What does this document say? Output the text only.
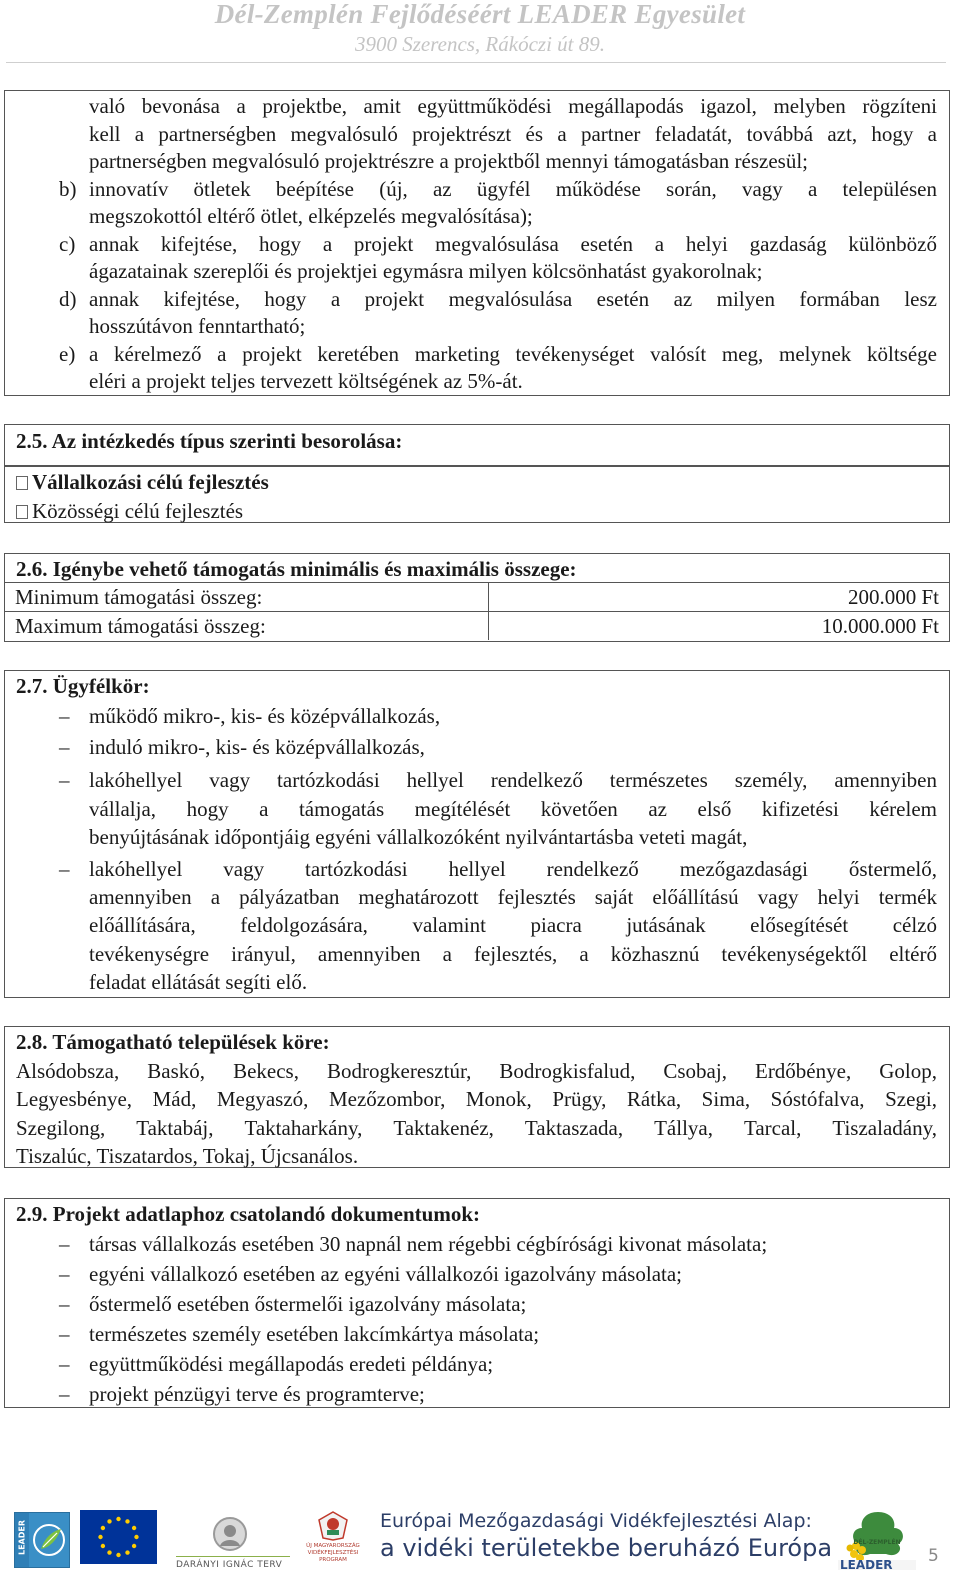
Dél-Zemplén Fejlődéséért LEADER Egyesület
3900 Szerencs, Rákóczi út 89.
való bevonása a projektbe, amit együttműködési megállapodás igazol, melyben rögzíteni
kell a partnerségben megvalósuló projektrészt és a partner feladatát, továbbá azt, hogy a
partnerségben megvalósuló projektrészre a projektből mennyi támogatásban részesül;
b) innovatív ötletek beépítése (új, az ügyfél működése során, vagy a településen
megszokottól eltérő ötlet, elképzelés megvalósítása);
c) annak kifejtése, hogy a projekt megvalósulása esetén a helyi gazdaság különböző
ágazatainak szereplői és projektjei egymásra milyen kölcsönhatást gyakorolnak;
d) annak kifejtése, hogy a projekt megvalósulása esetén az milyen formában lesz
hosszútávon fenntartható;
e) a kérelmező a projekt keretében marketing tevékenységet valósít meg, melynek költsége
eléri a projekt teljes tervezett költségének az 5%-át.
2.5. Az intézkedés típus szerinti besorolása:
Vállalkozási célú fejlesztés
Közösségi célú fejlesztés
2.6. Igénybe vehető támogatás minimális és maximális összege:
Minimum támogatási összeg:	200.000 Ft
Maximum támogatási összeg:	10.000.000 Ft
2.7. Ügyfélkör:
– működő mikro-, kis- és középvállalkozás,
– induló mikro-, kis- és középvállalkozás,
– lakóhellyel vagy tartózkodási hellyel rendelkező természetes személy, amennyiben
vállalja, hogy a támogatás megítélését követően az első kifizetési kérelem
benyújtásának időpontjáig egyéni vállalkozóként nyilvántartásba veteti magát,
– lakóhellyel vagy tartózkodási hellyel rendelkező mezőgazdasági őstermelő,
amennyiben a pályázatban meghatározott fejlesztés saját előállítású vagy helyi termék
előállítására, feldolgozására, valamint piacra jutásának elősegítését célzó
tevékenységre irányul, amennyiben a fejlesztés, a közhasznú tevékenységektől eltérő
feladat ellátását segíti elő.
2.8. Támogatható települések köre:
Alsódobsza, Baskó, Bekecs, Bodrogkeresztúr, Bodrogkisfalud, Csobaj, Erdőbénye, Golop,
Legyesbénye, Mád, Megyaszó, Mezőzombor, Monok, Prügy, Rátka, Sima, Sóstófalva, Szegi,
Szegilong, Taktabáj, Taktaharkány, Taktakenéz, Taktaszada, Tállya, Tarcal, Tiszaladány,
Tiszalúc, Tiszatardos, Tokaj, Újcsanálos.
2.9. Projekt adatlaphoz csatolandó dokumentumok:
– társas vállalkozás esetében 30 napnál nem régebbi cégbírósági kivonat másolata;
– egyéni vállalkozó esetében az egyéni vállalkozói igazolvány másolata;
– őstermelő esetében őstermelői igazolvány másolata;
– természetes személy esetében lakcímkártya másolata;
– együttműködési megállapodás eredeti példánya;
– projekt pénzügyi terve és programterve;
LEADER
DARÁNYI IGNÁC TERV
ÚJ MAGYARORSZÁG VIDÉKFEJLESZTÉSI PROGRAM
Európai Mezőgazdasági Vidékfejlesztési Alap:
a vidéki területekbe beruházó Európa	DÉL-ZEMPLÉN
LEADER 5
